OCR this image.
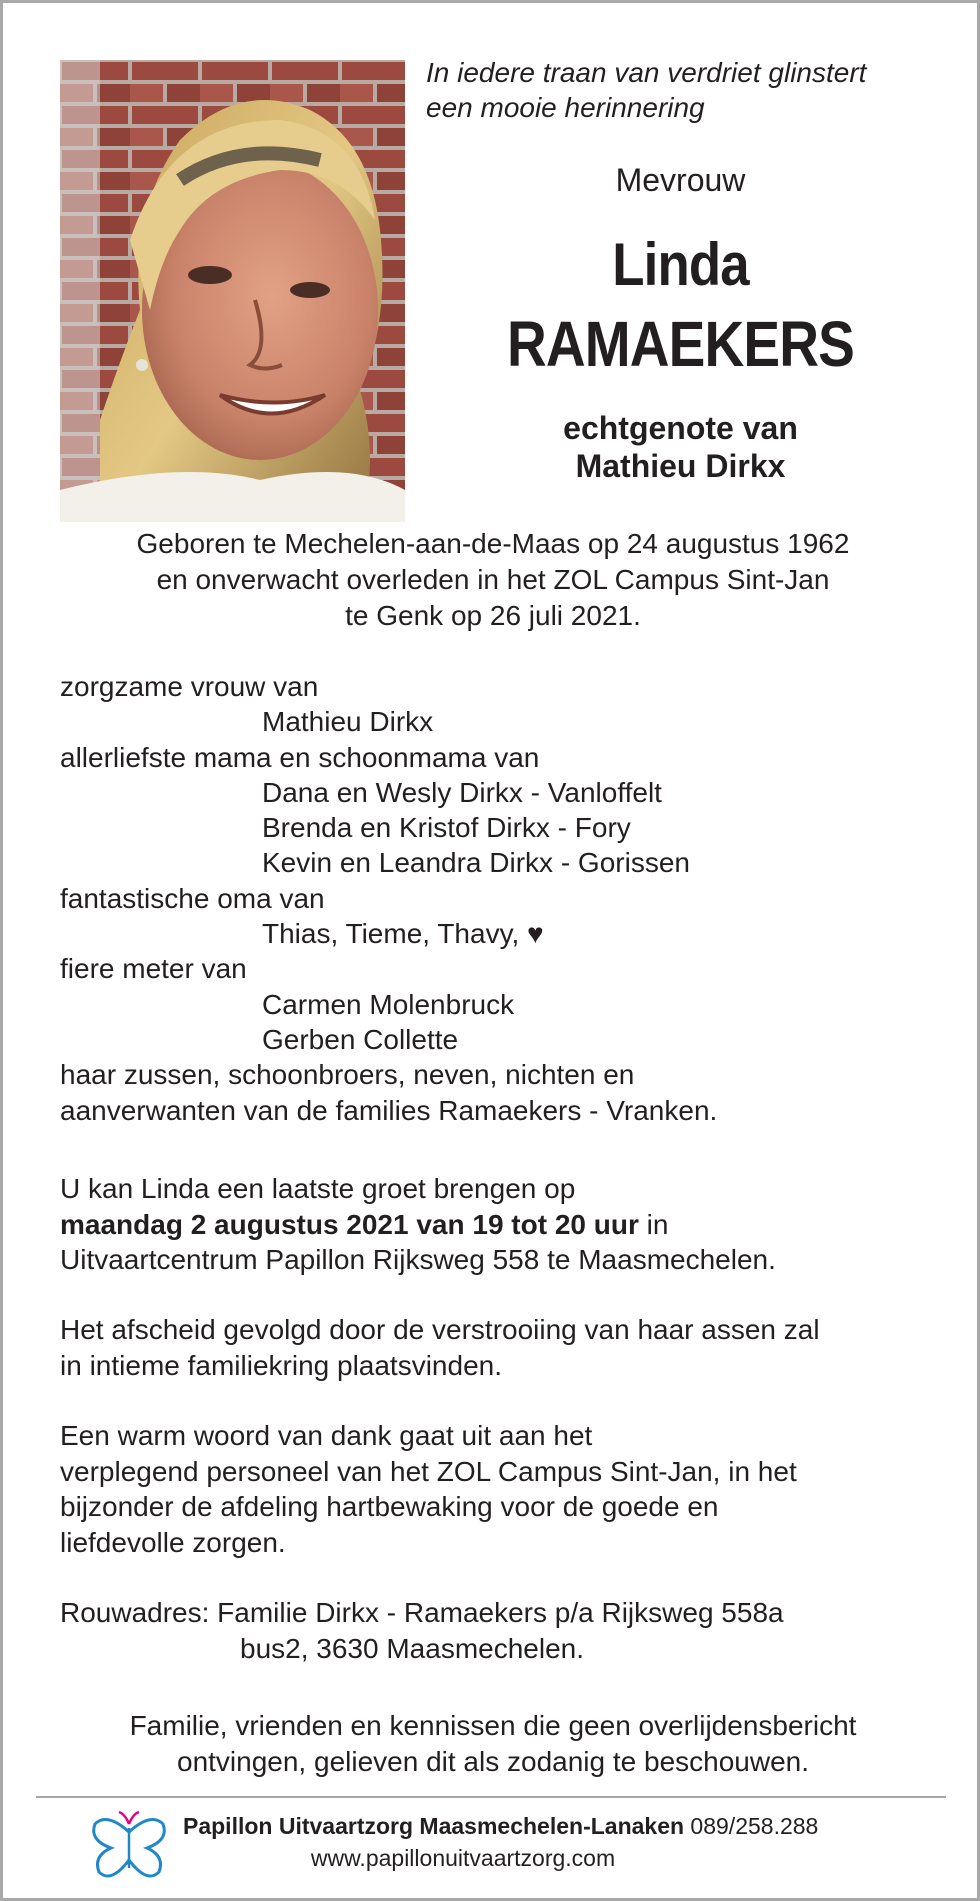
In iedere traan van verdriet glinstert
een mooie herinnering
Mevrouw
Linda
RAMAEKERS
echtgenote van
Mathieu Dirkx
Geboren te Mechelen-aan-de-Maas op 24 augustus 1962
en onverwacht overleden in het ZOL Campus Sint-Jan
te Genk op 26 juli 2021.
zorgzame vrouw van
Mathieu Dirkx
allerliefste mama en schoonmama van
Dana en Wesly Dirkx - Vanloffelt
Brenda en Kristof Dirkx - Fory
Kevin en Leandra Dirkx - Gorissen
fantastische oma van
Thias, Tieme, Thavy, ♥
fiere meter van
Carmen Molenbruck
Gerben Collette
haar zussen, schoonbroers, neven, nichten en
aanverwanten van de families Ramaekers - Vranken.
U kan Linda een laatste groet brengen op
maandag 2 augustus 2021 van 19 tot 20 uur in
Uitvaartcentrum Papillon Rijksweg 558 te Maasmechelen.
Het afscheid gevolgd door de verstrooiing van haar assen zal
in intieme familiekring plaatsvinden.
Een warm woord van dank gaat uit aan het
verplegend personeel van het ZOL Campus Sint-Jan, in het
bijzonder de afdeling hartbewaking voor de goede en
liefdevolle zorgen.
Rouwadres: Familie Dirkx - Ramaekers p/a Rijksweg 558a
bus2, 3630 Maasmechelen.
Familie, vrienden en kennissen die geen overlijdensbericht
ontvingen, gelieven dit als zodanig te beschouwen.
Papillon Uitvaartzorg Maasmechelen-Lanaken 089/258.288
www.papillonuitvaartzorg.com
